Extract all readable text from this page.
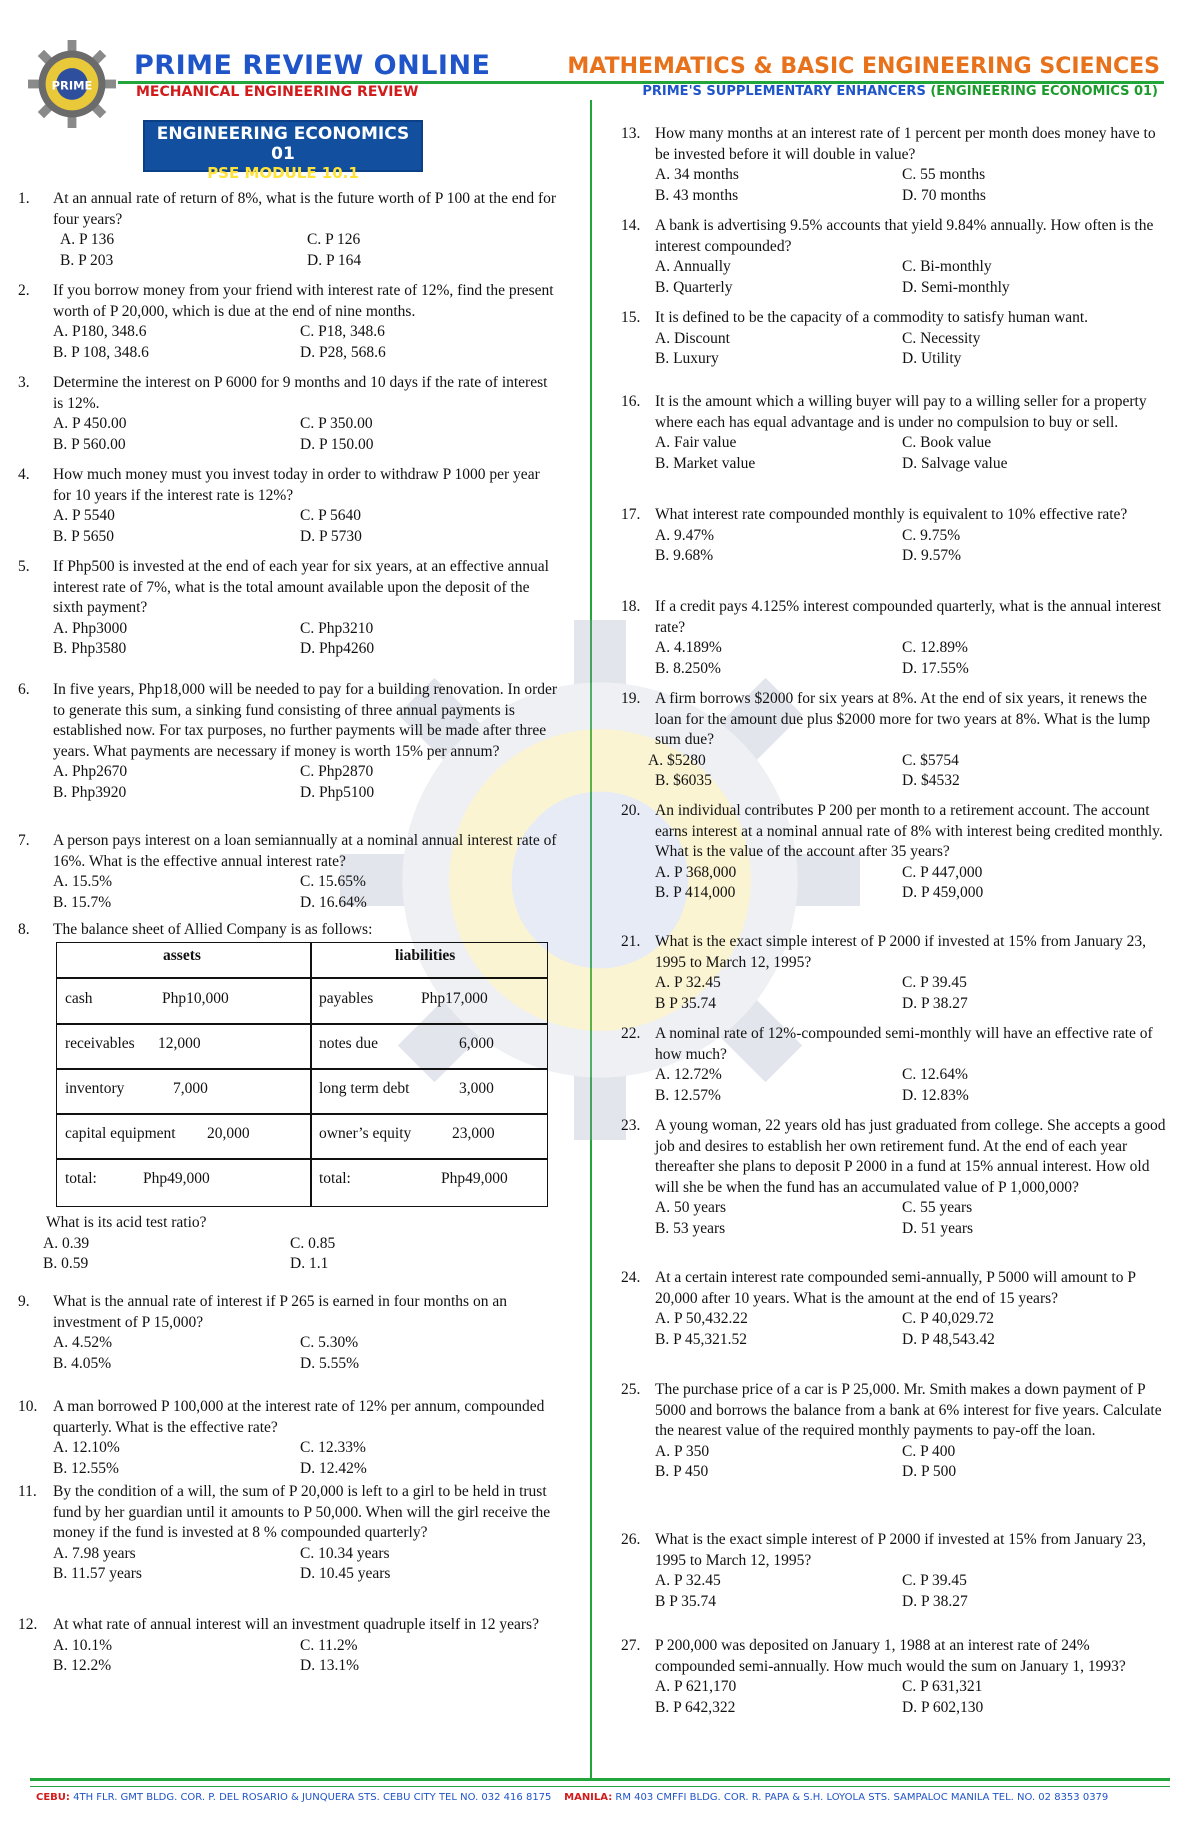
PRIME
PRIME REVIEW ONLINE
MECHANICAL ENGINEERING REVIEW
MATHEMATICS & BASIC ENGINEERING SCIENCES
PRIME'S SUPPLEMENTARY ENHANCERS (ENGINEERING ECONOMICS 01)
ENGINEERING ECONOMICS 01
PSE MODULE 10.1
1. At an annual rate of return of 8%, what is the future worth of P 100 at the end for four years?
A. P 136	C. P 126
B. P 203	D. P 164
2. If you borrow money from your friend with interest rate of 12%, find the present worth of P 20,000, which is due at the end of nine months.
A. P180, 348.6	C. P18, 348.6
B. P 108, 348.6	D. P28, 568.6
3. Determine the interest on P 6000 for 9 months and 10 days if the rate of interest is 12%.
A. P 450.00	C. P 350.00
B. P 560.00	D. P 150.00
4. How much money must you invest today in order to withdraw P 1000 per year for 10 years if the interest rate is 12%?
A. P 5540	C. P 5640
B. P 5650	D. P 5730
5. If Php500 is invested at the end of each year for six years, at an effective annual interest rate of 7%, what is the total amount available upon the deposit of the sixth payment?
A. Php3000	C. Php3210
B. Php3580	D. Php4260
6. In five years, Php18,000 will be needed to pay for a building renovation. In order to generate this sum, a sinking fund consisting of three annual payments is established now. For tax purposes, no further payments will be made after three years. What payments are necessary if money is worth 15% per annum?
A. Php2670	C. Php2870
B. Php3920	D. Php5100
7. A person pays interest on a loan semiannually at a nominal annual interest rate of 16%. What is the effective annual interest rate?
A. 15.5%	C. 15.65%
B. 15.7%	D. 16.64%
8. The balance sheet of Allied Company is as follows:
assets	liabilities
cash	Php10,000	payables	Php17,000
receivables 12,000	notes due	6,000
inventory	7,000	long term debt	3,000
capital equipment 20,000	owner’s equity	23,000
total:	Php49,000	total:	Php49,000
What is its acid test ratio?
A. 0.39	C. 0.85
B. 0.59	D. 1.1
9. What is the annual rate of interest if P 265 is earned in four months on an investment of P 15,000?
A. 4.52%	C. 5.30%
B. 4.05%	D. 5.55%
10. A man borrowed P 100,000 at the interest rate of 12% per annum, compounded quarterly. What is the effective rate?
A. 12.10%	C. 12.33%
B. 12.55%	D. 12.42%
11. By the condition of a will, the sum of P 20,000 is left to a girl to be held in trust fund by her guardian until it amounts to P 50,000. When will the girl receive the money if the fund is invested at 8 % compounded quarterly?
A. 7.98 years	C. 10.34 years
B. 11.57 years	D. 10.45 years
12. At what rate of annual interest will an investment quadruple itself in 12 years?
A. 10.1%	C. 11.2%
B. 12.2%	D. 13.1%
13. How many months at an interest rate of 1 percent per month does money have to be invested before it will double in value?
A. 34 months	C. 55 months
B. 43 months	D. 70 months
14. A bank is advertising 9.5% accounts that yield 9.84% annually. How often is the interest compounded?
A. Annually	C. Bi-monthly
B. Quarterly	D. Semi-monthly
15. It is defined to be the capacity of a commodity to satisfy human want.
A. Discount	C. Necessity
B. Luxury	D. Utility
16. It is the amount which a willing buyer will pay to a willing seller for a property where each has equal advantage and is under no compulsion to buy or sell.
A. Fair value	C. Book value
B. Market value	D. Salvage value
17. What interest rate compounded monthly is equivalent to 10% effective rate?
A. 9.47%	C. 9.75%
B. 9.68%	D. 9.57%
18. If a credit pays 4.125% interest compounded quarterly, what is the annual interest rate?
A. 4.189%	C. 12.89%
B. 8.250%	D. 17.55%
19. A firm borrows $2000 for six years at 8%. At the end of six years, it renews the loan for the amount due plus $2000 more for two years at 8%. What is the lump sum due?
A. $5280	C. $5754
B. $6035	D. $4532
20. An individual contributes P 200 per month to a retirement account. The account earns interest at a nominal annual rate of 8% with interest being credited monthly. What is the value of the account after 35 years?
A. P 368,000	C. P 447,000
B. P 414,000	D. P 459,000
21. What is the exact simple interest of P 2000 if invested at 15% from January 23, 1995 to March 12, 1995?
A. P 32.45	C. P 39.45
B P 35.74	D. P 38.27
22. A nominal rate of 12%-compounded semi-monthly will have an effective rate of how much?
A. 12.72%	C. 12.64%
B. 12.57%	D. 12.83%
23. A young woman, 22 years old has just graduated from college. She accepts a good job and desires to establish her own retirement fund. At the end of each year thereafter she plans to deposit P 2000 in a fund at 15% annual interest. How old will she be when the fund has an accumulated value of P 1,000,000?
A. 50 years	C. 55 years
B. 53 years	D. 51 years
24. At a certain interest rate compounded semi-annually, P 5000 will amount to P 20,000 after 10 years. What is the amount at the end of 15 years?
A. P 50,432.22	C. P 40,029.72
B. P 45,321.52	D. P 48,543.42
25. The purchase price of a car is P 25,000. Mr. Smith makes a down payment of P 5000 and borrows the balance from a bank at 6% interest for five years. Calculate the nearest value of the required monthly payments to pay-off the loan.
A. P 350	C. P 400
B. P 450	D. P 500
26. What is the exact simple interest of P 2000 if invested at 15% from January 23, 1995 to March 12, 1995?
A. P 32.45	C. P 39.45
B P 35.74	D. P 38.27
27. P 200,000 was deposited on January 1, 1988 at an interest rate of 24% compounded semi-annually. How much would the sum on January 1, 1993?
A. P 621,170	C. P 631,321
B. P 642,322	D. P 602,130
CEBU: 4TH FLR. GMT BLDG. COR. P. DEL ROSARIO & JUNQUERA STS. CEBU CITY TEL NO. 032 416 8175 MANILA: RM 403 CMFFI BLDG. COR. R. PAPA & S.H. LOYOLA STS. SAMPALOC MANILA TEL. NO. 02 8353 0379
